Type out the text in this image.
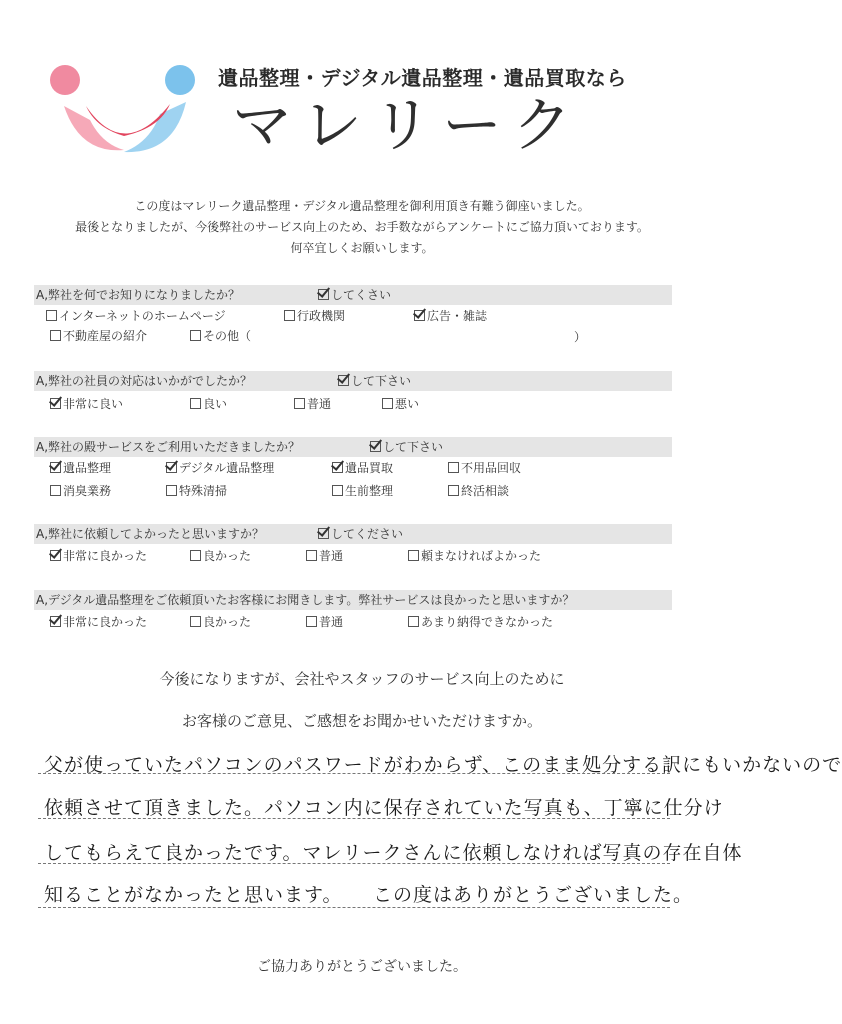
遺品整理・デジタル遺品整理・遺品買取なら
マレリーク
この度はマレリーク遺品整理・デジタル遺品整理を御利用頂き有難う御座いました。
最後となりましたが、今後弊社のサービス向上のため、お手数ながらアンケートにご協力頂いております。
何卒宜しくお願いします。
A,弊社を何でお知りになりましたか？	してくさい
インターネットのホームページ	行政機関	広告・雑誌
不動産屋の紹介	その他（	）
A,弊社の社員の対応はいかがでしたか？	して下さい
非常に良い	良い	普通	悪い
A,弊社の殿サービスをご利用いただきましたか？	して下さい
遺品整理	デジタル遺品整理	遺品買取	不用品回収
消臭業務	特殊清掃	生前整理	終活相談
A,弊社に依頼してよかったと思いますか？	してください
非常に良かった	良かった	普通	頼まなければよかった
A,デジタル遺品整理をご依頼頂いたお客様にお聞きします。弊社サービスは良かったと思いますか？
非常に良かった	良かった	普通	あまり納得できなかった
今後になりますが、会社やスタッフのサービス向上のために
お客様のご意見、ご感想をお聞かせいただけますか。
父が使っていたパソコンのパスワードがわからず、このまま処分する訳にもいかないので
依頼させて頂きました。パソコン内に保存されていた写真も、丁寧に仕分け
してもらえて良かったです。マレリークさんに依頼しなければ写真の存在自体
知ることがなかったと思います。　　この度はありがとうございました。
ご協力ありがとうございました。
